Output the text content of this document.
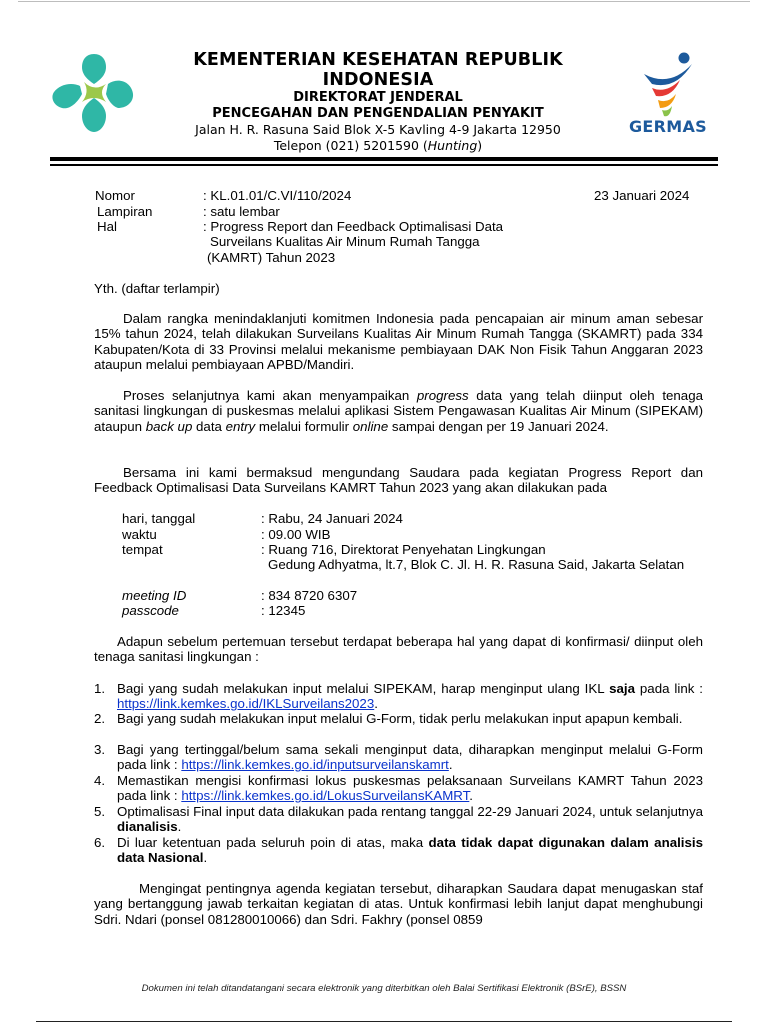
KEMENTERIAN KESEHATAN REPUBLIK INDONESIA
DIREKTORAT JENDERAL
PENCEGAHAN DAN PENGENDALIAN PENYAKIT
Jalan H. R. Rasuna Said Blok X-5 Kavling 4-9 Jakarta 12950
Telepon (021) 5201590 (Hunting)
GERMAS
Nomor	: KL.01.01/C.VI/110/2024	23 Januari 2024
Lampiran	: satu lembar
Hal	: Progress Report dan Feedback Optimalisasi Data
Surveilans Kualitas Air Minum Rumah Tangga
(KAMRT) Tahun 2023
Yth. (daftar terlampir)
Dalam rangka menindaklanjuti komitmen Indonesia pada pencapaian air minum aman sebesar 15% tahun 2024, telah dilakukan Surveilans Kualitas Air Minum Rumah Tangga (SKAMRT) pada 334 Kabupaten/Kota di 33 Provinsi melalui mekanisme pembiayaan DAK Non Fisik Tahun Anggaran 2023 ataupun melalui pembiayaan APBD/Mandiri.
Proses selanjutnya kami akan menyampaikan progress data yang telah diinput oleh tenaga sanitasi lingkungan di puskesmas melalui aplikasi Sistem Pengawasan Kualitas Air Minum (SIPEKAM) ataupun back up data entry melalui formulir online sampai dengan per 19 Januari 2024.
Bersama ini kami bermaksud mengundang Saudara pada kegiatan Progress Report dan Feedback Optimalisasi Data Surveilans KAMRT Tahun 2023 yang akan dilakukan pada
hari, tanggal	: Rabu, 24 Januari 2024
waktu	: 09.00 WIB
tempat	: Ruang 716, Direktorat Penyehatan Lingkungan
Gedung Adhyatma, lt.7, Blok C. Jl. H. R. Rasuna Said, Jakarta Selatan
meeting ID	: 834 8720 6307
passcode	: 12345
Adapun sebelum pertemuan tersebut terdapat beberapa hal yang dapat di konfirmasi/ diinput oleh tenaga sanitasi lingkungan :
1. Bagi yang sudah melakukan input melalui SIPEKAM, harap menginput ulang IKL saja pada link : https://link.kemkes.go.id/IKLSurveilans2023.
2. Bagi yang sudah melakukan input melalui G-Form, tidak perlu melakukan input apapun kembali.
3. Bagi yang tertinggal/belum sama sekali menginput data, diharapkan menginput melalui G-Form pada link : https://link.kemkes.go.id/inputsurveilanskamrt.
4. Memastikan mengisi konfirmasi lokus puskesmas pelaksanaan Surveilans KAMRT Tahun 2023 pada link : https://link.kemkes.go.id/LokusSurveilansKAMRT.
5. Optimalisasi Final input data dilakukan pada rentang tanggal 22-29 Januari 2024, untuk selanjutnya dianalisis.
6. Di luar ketentuan pada seluruh poin di atas, maka data tidak dapat digunakan dalam analisis data Nasional.
Mengingat pentingnya agenda kegiatan tersebut, diharapkan Saudara dapat menugaskan staf yang bertanggung jawab terkaitan kegiatan di atas. Untuk konfirmasi lebih lanjut dapat menghubungi Sdri. Ndari (ponsel 081280010066) dan Sdri. Fakhry (ponsel 0859
Dokumen ini telah ditandatangani secara elektronik yang diterbitkan oleh Balai Sertifikasi Elektronik (BSrE), BSSN
